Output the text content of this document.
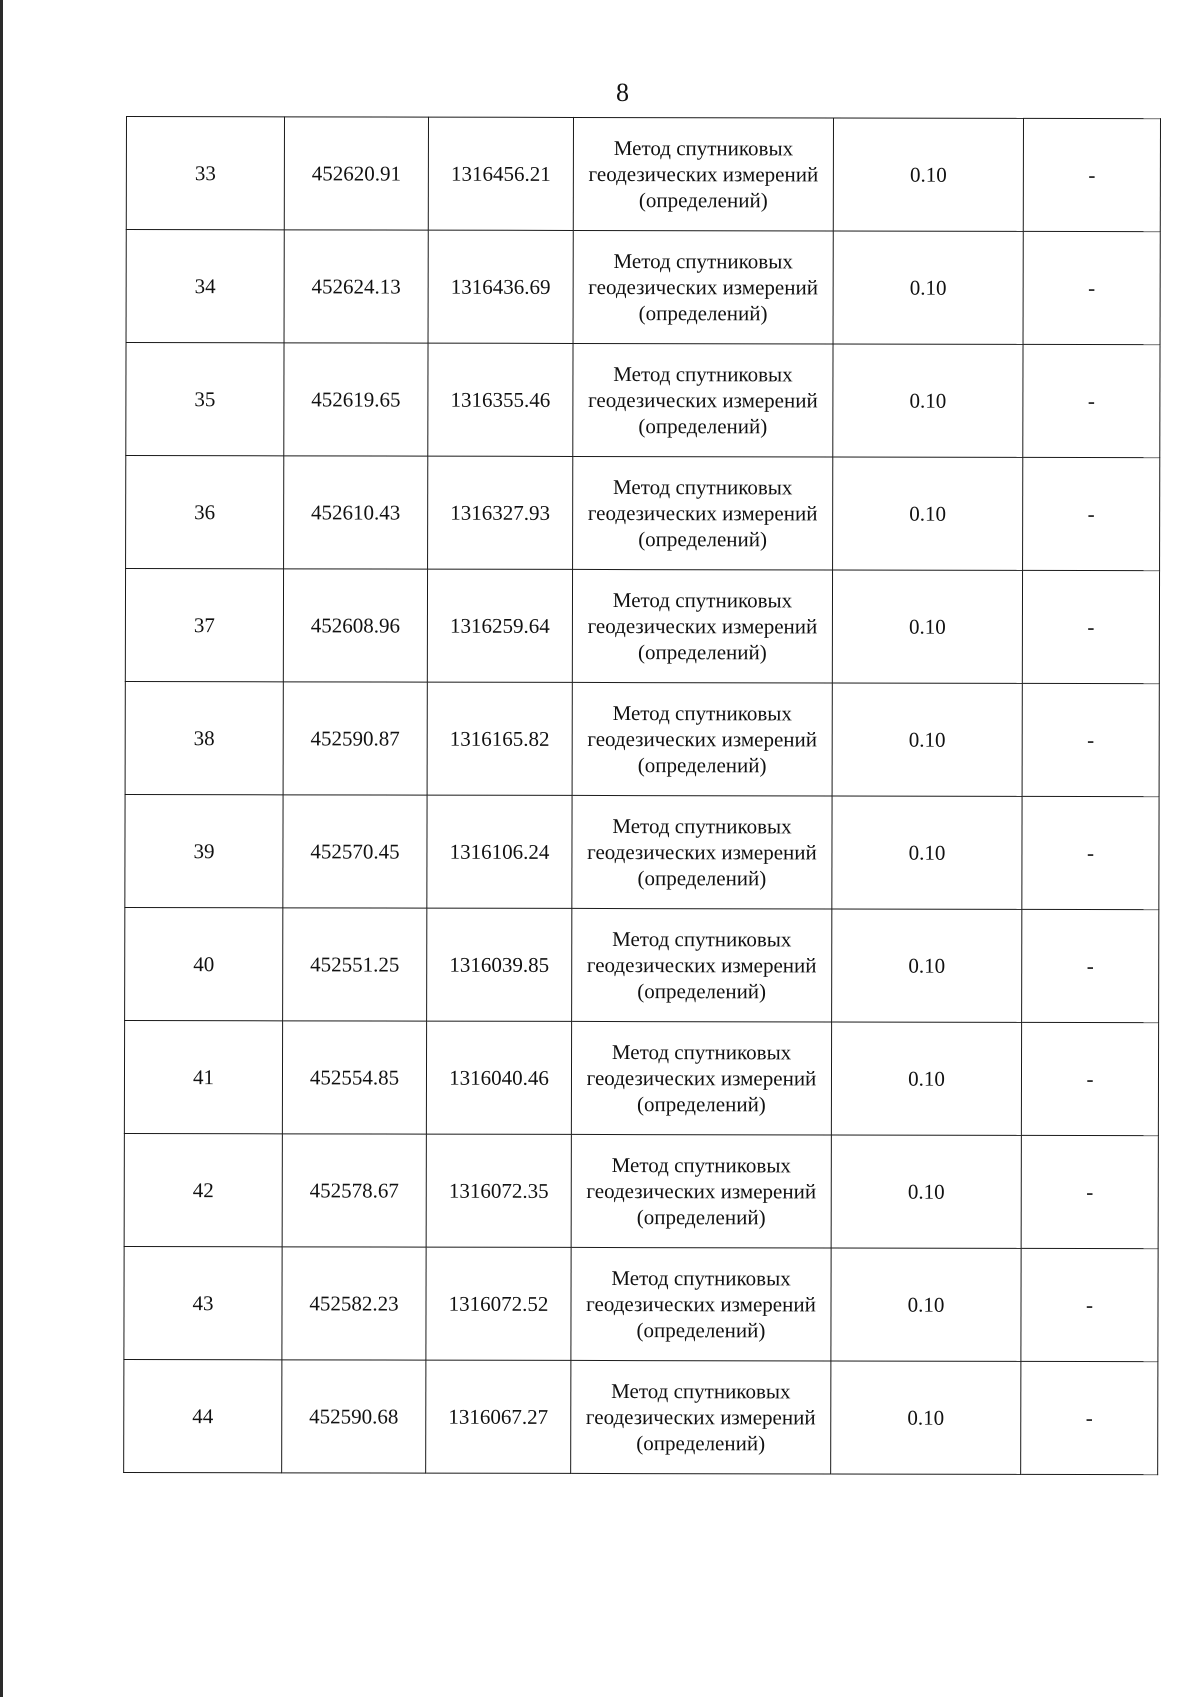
8
33	452620.91	1316456.21	Метод спутниковых геодезических измерений (определений)	0.10	-
34	452624.13	1316436.69	Метод спутниковых геодезических измерений (определений)	0.10	-
35	452619.65	1316355.46	Метод спутниковых геодезических измерений (определений)	0.10	-
36	452610.43	1316327.93	Метод спутниковых геодезических измерений (определений)	0.10	-
37	452608.96	1316259.64	Метод спутниковых геодезических измерений (определений)	0.10	-
38	452590.87	1316165.82	Метод спутниковых геодезических измерений (определений)	0.10	-
39	452570.45	1316106.24	Метод спутниковых геодезических измерений (определений)	0.10	-
40	452551.25	1316039.85	Метод спутниковых геодезических измерений (определений)	0.10	-
41	452554.85	1316040.46	Метод спутниковых геодезических измерений (определений)	0.10	-
42	452578.67	1316072.35	Метод спутниковых геодезических измерений (определений)	0.10	-
43	452582.23	1316072.52	Метод спутниковых геодезических измерений (определений)	0.10	-
44	452590.68	1316067.27	Метод спутниковых геодезических измерений (определений)	0.10	-
